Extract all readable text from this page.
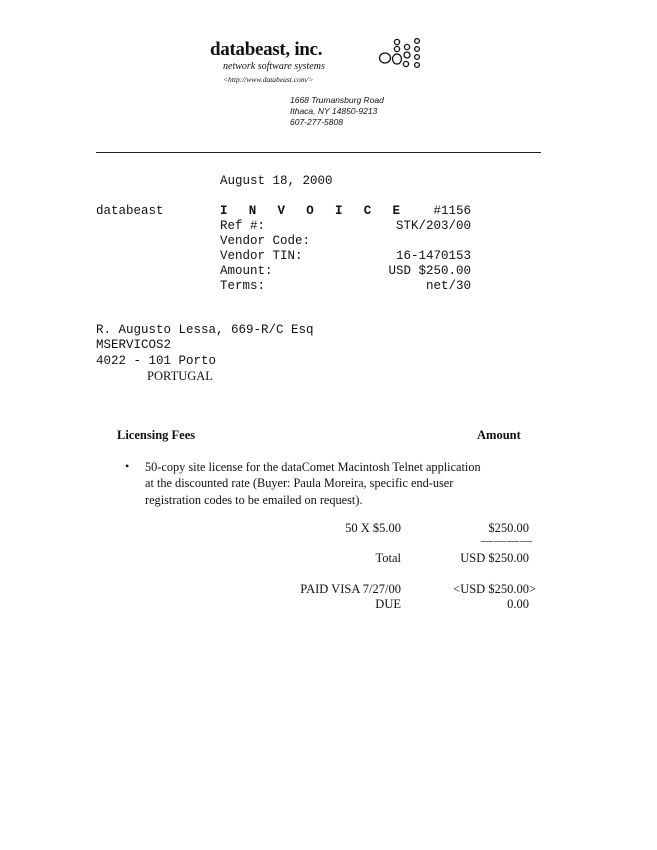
databeast, inc.
network software systems
<http://www.databeast.com/>
1668 Trumansburg Road
Ithaca, NY 14850-9213
607-277-5808
August 18, 2000
databeast	I N V O I C E #1156
Ref #:	STK/203/00
Vendor Code:
Vendor TIN:	16-1470153
Amount:	USD $250.00
Terms:	net/30
R. Augusto Lessa, 669-R/C Esq
MSERVICOS2
4022 - 101 Porto
PORTUGAL
Licensing Fees	Amount
• 50-copy site license for the dataComet Macintosh Telnet application at the discounted rate (Buyer: Paula Moreira, specific end-user registration codes to be emailed on request).
50 X $5.00	$250.00
————
Total	USD $250.00
PAID VISA 7/27/00	<USD $250.00>
DUE	0.00
